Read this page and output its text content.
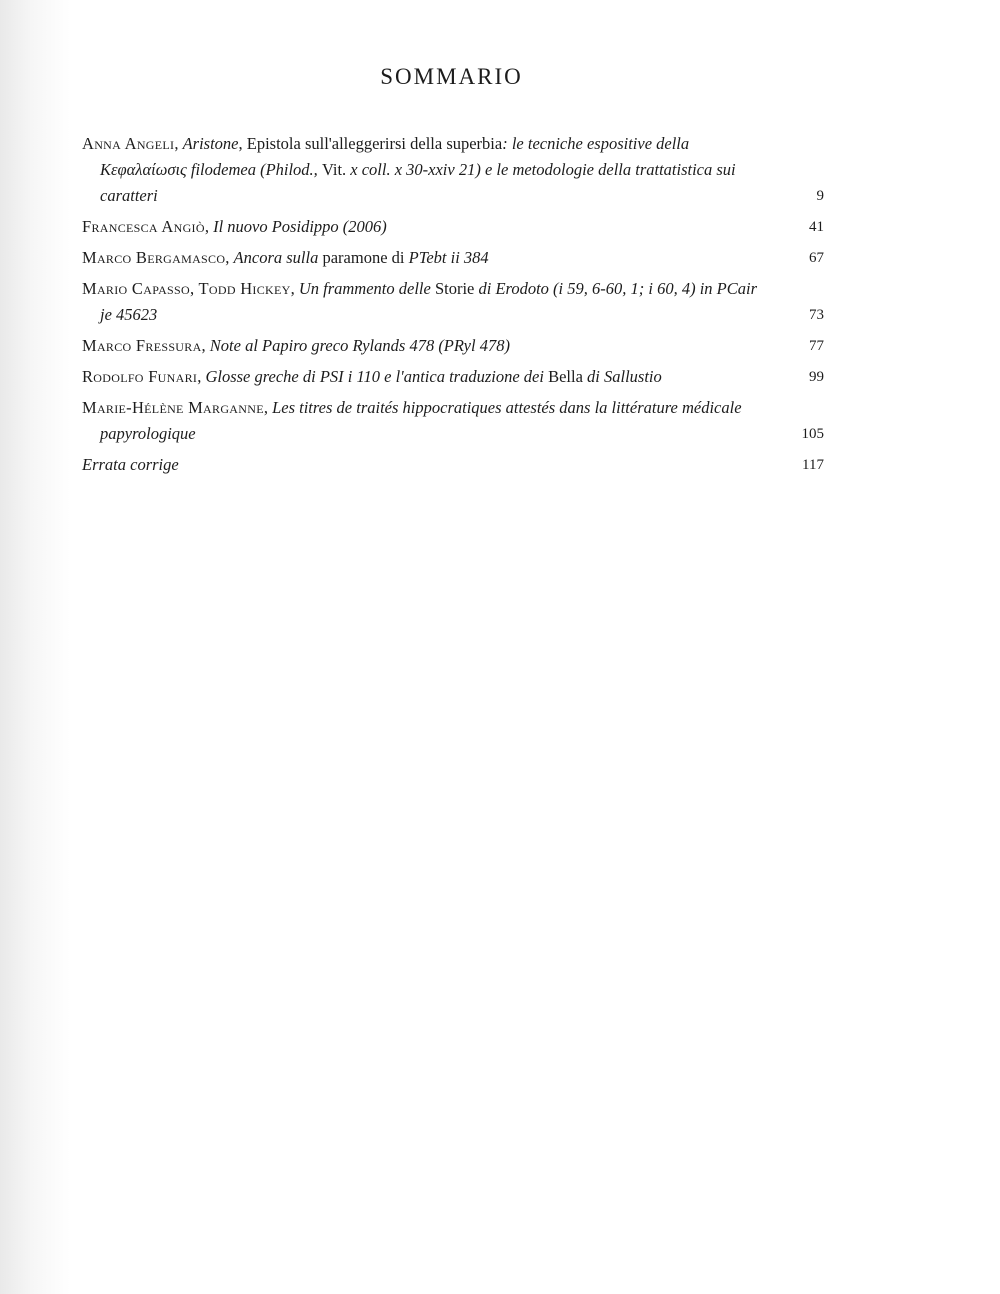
SOMMARIO
Anna Angeli, Aristone, Epistola sull'alleggerirsi della superbia: le tecniche espositive della Κεφαλαίωσις filodemea (Philod., Vit. x coll. x 30-xxiv 21) e le metodologie della trattatistica sui caratteri	9
Francesca Angiò, Il nuovo Posidippo (2006)	41
Marco Bergamasco, Ancora sulla paramone di PTebt ii 384	67
Mario Capasso, Todd Hickey, Un frammento delle Storie di Erodoto (i 59, 6-60, 1; i 60, 4) in PCair je 45623	73
Marco Fressura, Note al Papiro greco Rylands 478 (PRyl 478)	77
Rodolfo Funari, Glosse greche di PSI i 110 e l'antica traduzione dei Bella di Sallustio	99
Marie-Hélène Marganne, Les titres de traités hippocratiques attestés dans la littérature médicale papyrologique	105
Errata corrige	117
